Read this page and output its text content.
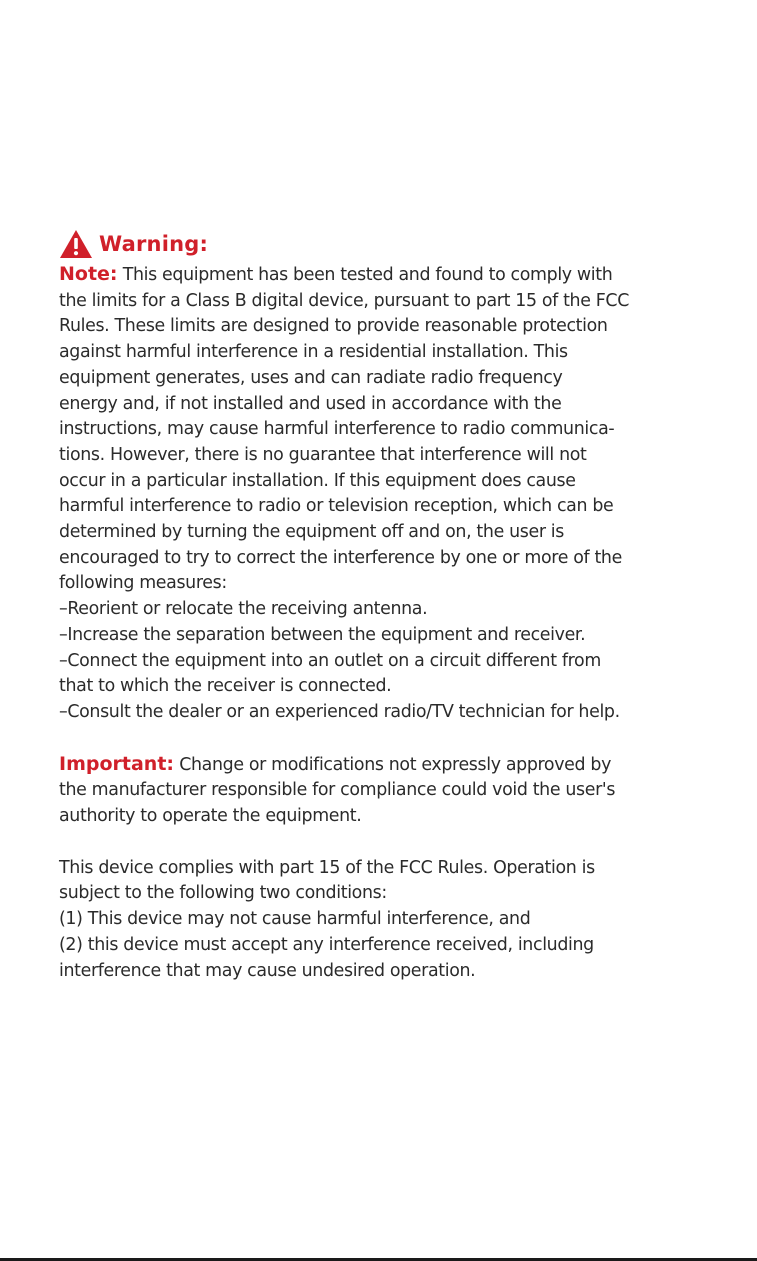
Warning:
Note: This equipment has been tested and found to comply with
the limits for a Class B digital device, pursuant to part 15 of the FCC
Rules. These limits are designed to provide reasonable protection
against harmful interference in a residential installation. This
equipment generates, uses and can radiate radio frequency
energy and, if not installed and used in accordance with the
instructions, may cause harmful interference to radio communica-
tions. However, there is no guarantee that interference will not
occur in a particular installation. If this equipment does cause
harmful interference to radio or television reception, which can be
determined by turning the equipment off and on, the user is
encouraged to try to correct the interference by one or more of the
following measures:
–Reorient or relocate the receiving antenna.
–Increase the separation between the equipment and receiver.
–Connect the equipment into an outlet on a circuit different from
that to which the receiver is connected.
–Consult the dealer or an experienced radio/TV technician for help.
Important: Change or modifications not expressly approved by
the manufacturer responsible for compliance could void the user's
authority to operate the equipment.
This device complies with part 15 of the FCC Rules. Operation is
subject to the following two conditions:
(1) This device may not cause harmful interference, and
(2) this device must accept any interference received, including
interference that may cause undesired operation.
